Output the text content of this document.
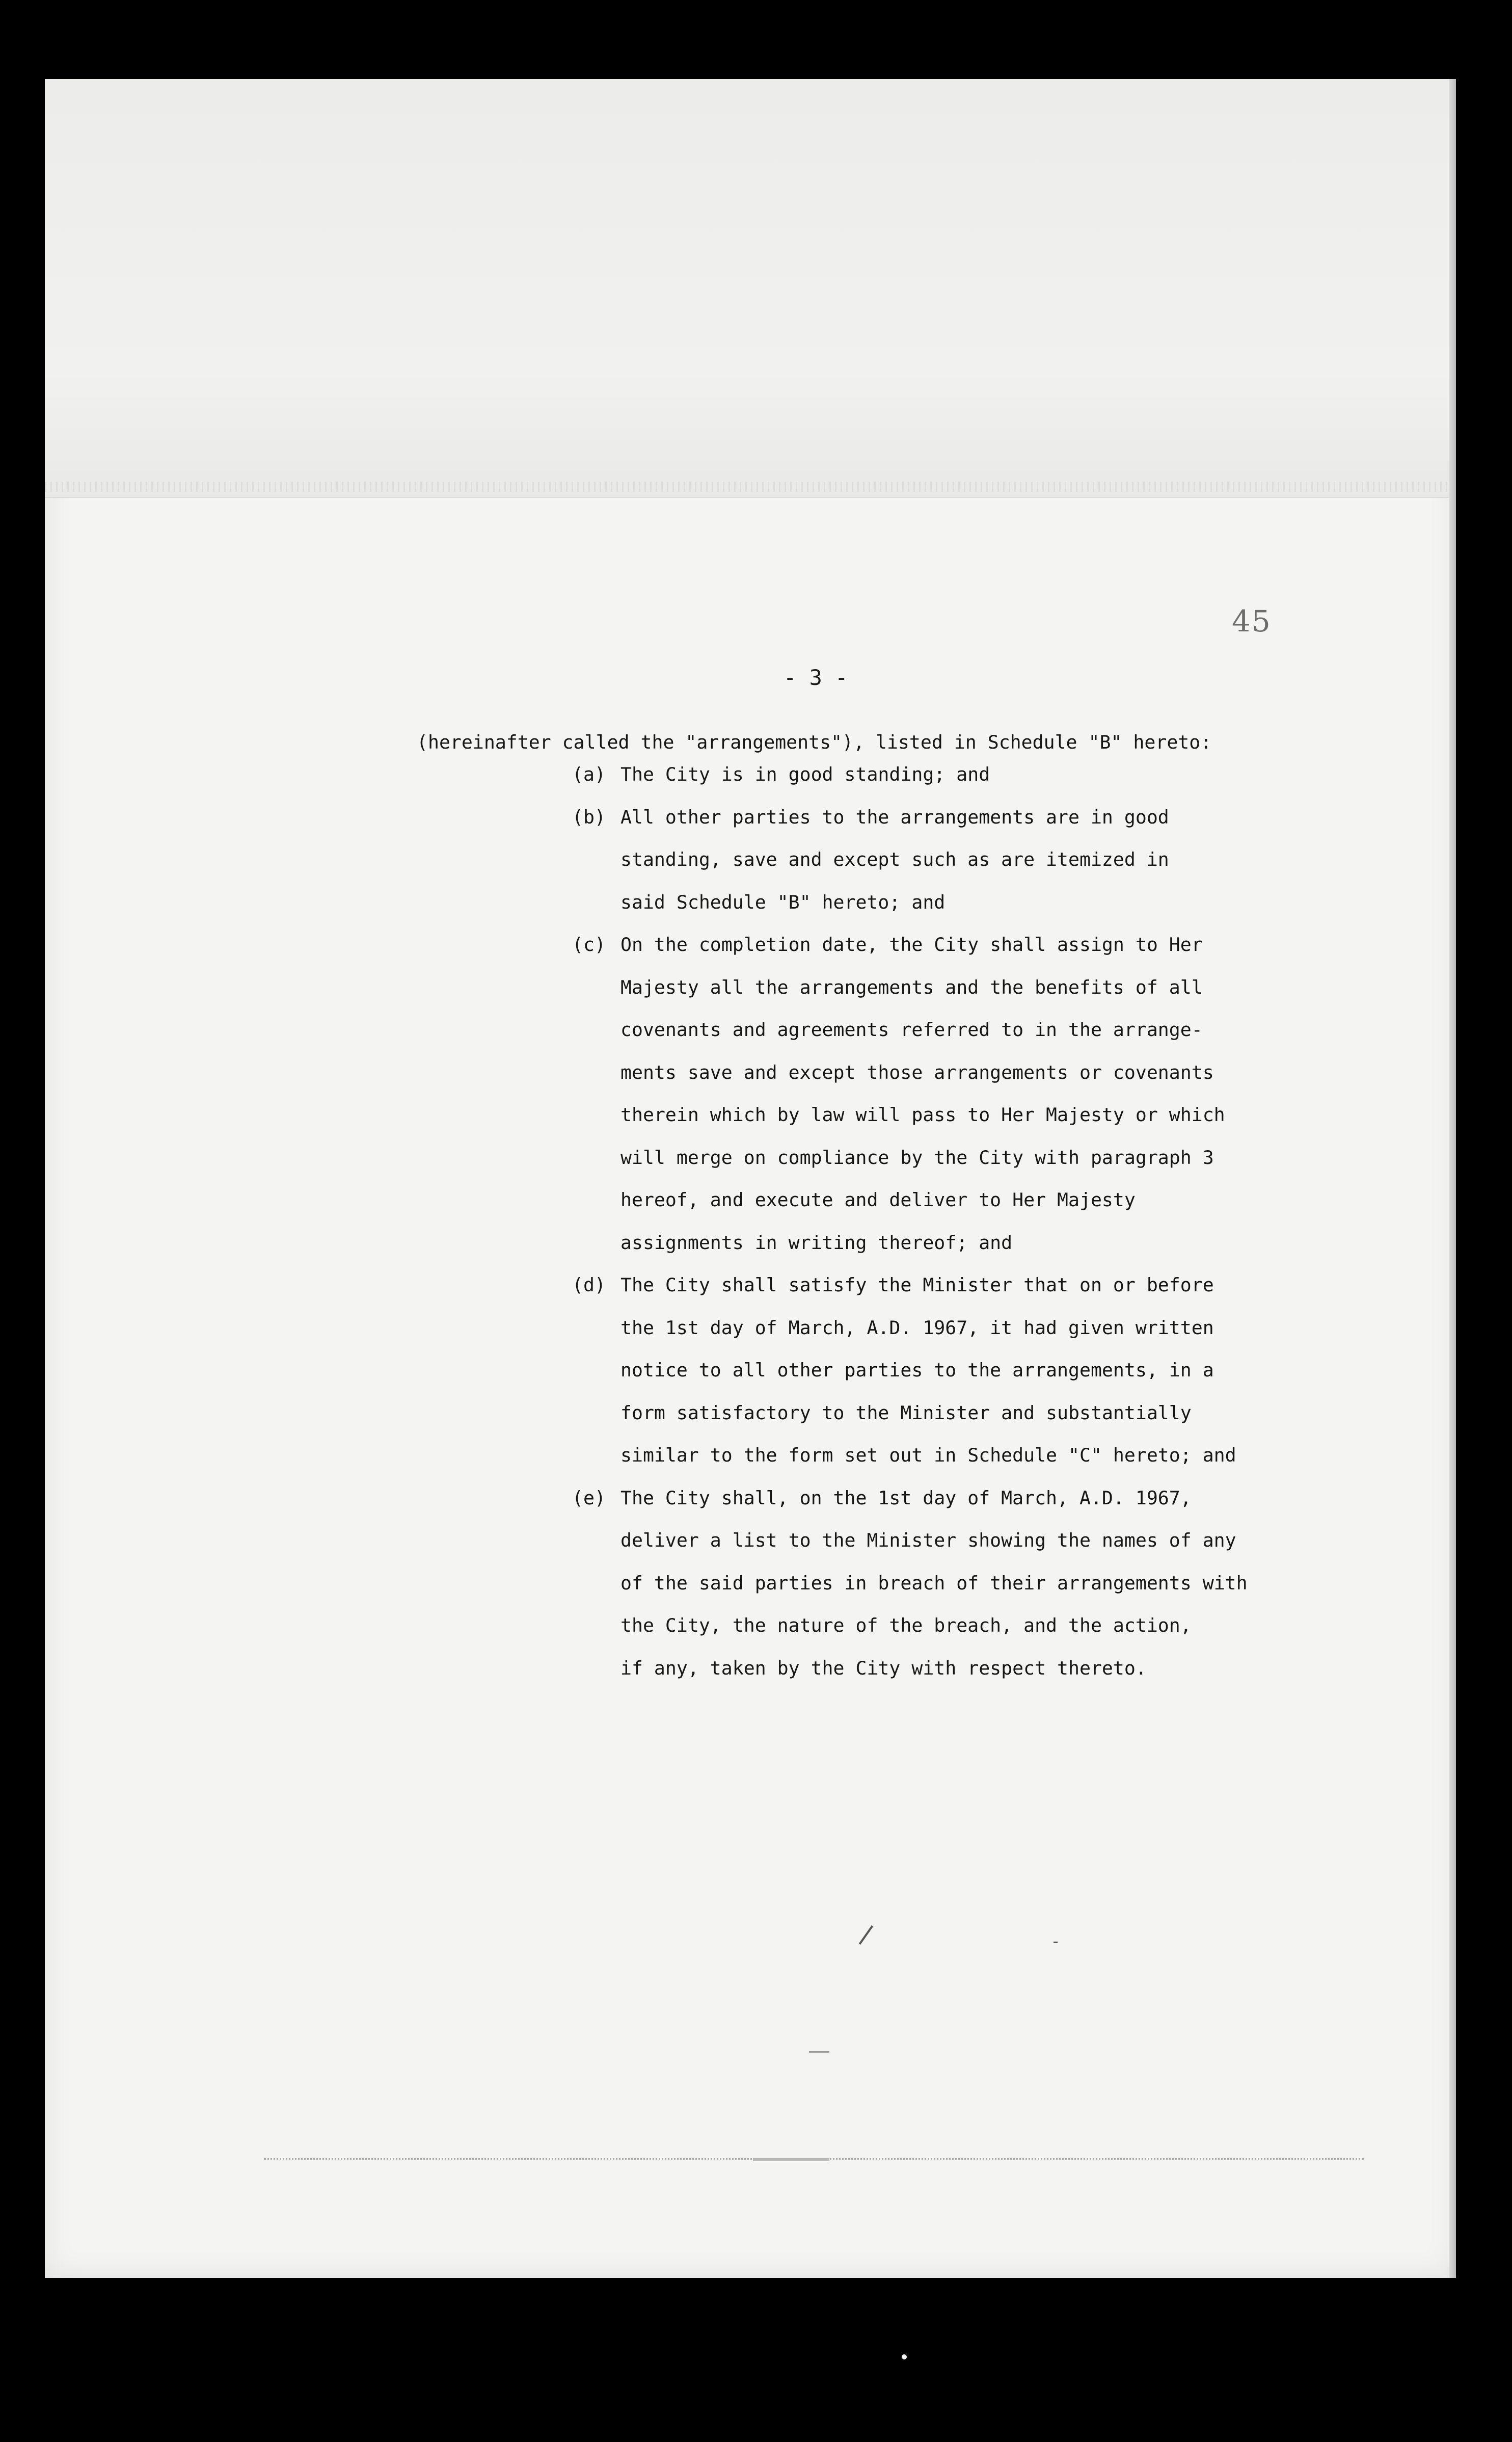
45
- 3 -
(hereinafter called the "arrangements"), listed in Schedule "B" hereto:
(a) The City is in good standing; and
(b) All other parties to the arrangements are in good
standing, save and except such as are itemized in
said Schedule "B" hereto; and
(c) On the completion date, the City shall assign to Her
Majesty all the arrangements and the benefits of all
covenants and agreements referred to in the arrange-
ments save and except those arrangements or covenants
therein which by law will pass to Her Majesty or which
will merge on compliance by the City with paragraph 3
hereof, and execute and deliver to Her Majesty
assignments in writing thereof; and
(d) The City shall satisfy the Minister that on or before
the 1st day of March, A.D. 1967, it had given written
notice to all other parties to the arrangements, in a
form satisfactory to the Minister and substantially
similar to the form set out in Schedule "C" hereto; and
(e) The City shall, on the 1st day of March, A.D. 1967,
deliver a list to the Minister showing the names of any
of the said parties in breach of their arrangements with
the City, the nature of the breach, and the action,
if any, taken by the City with respect thereto.
